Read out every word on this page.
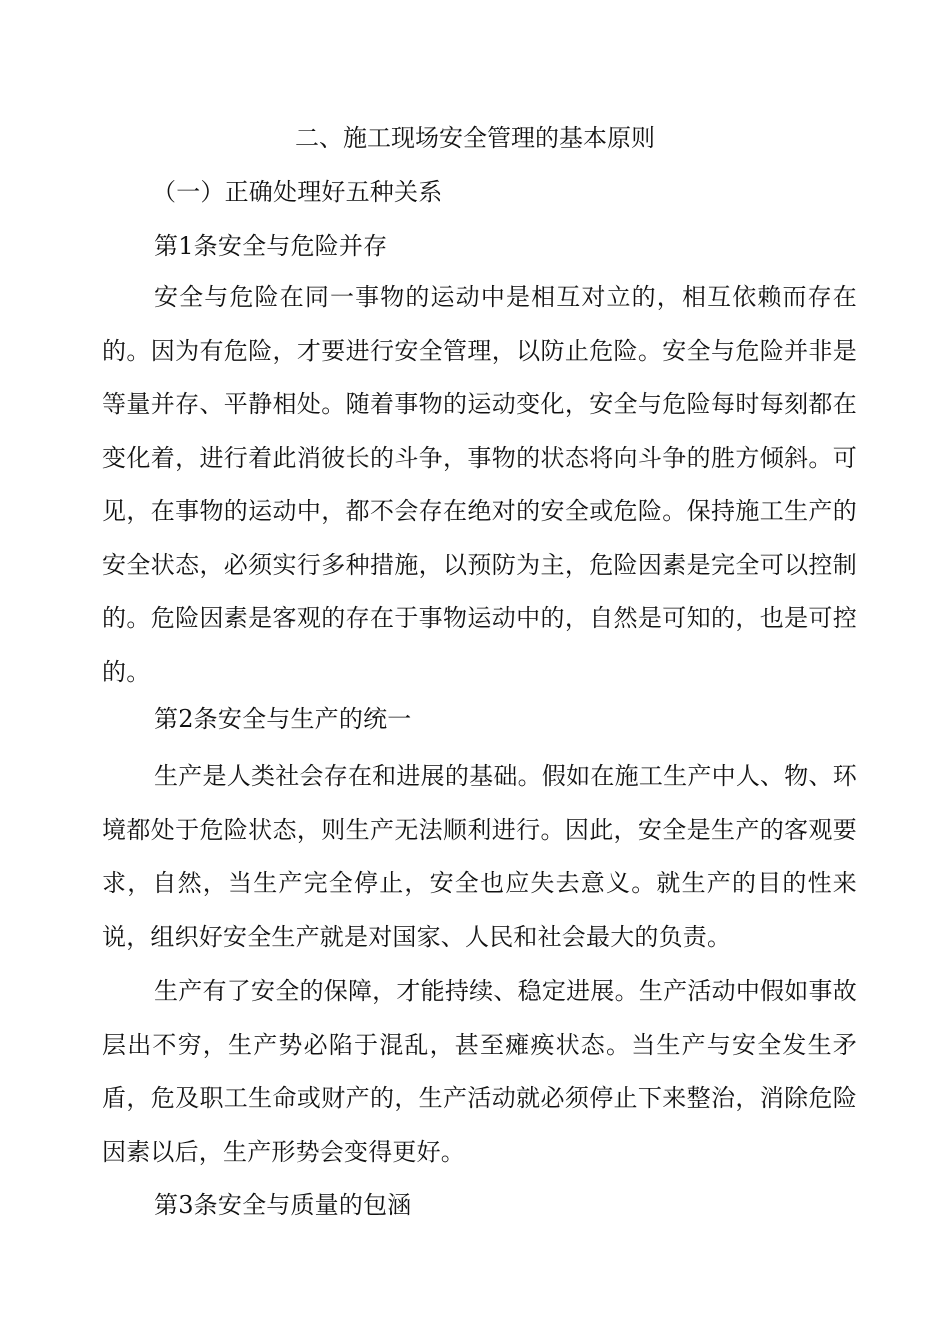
二、施工现场安全管理的基本原则
（一）正确处理好五种关系
第1条安全与危险并存
安全与危险在同一事物的运动中是相互对立的，相互依赖而存在的。因为有危险，才要进行安全管理，以防止危险。安全与危险并非是等量并存、平静相处。随着事物的运动变化，安全与危险每时每刻都在变化着，进行着此消彼长的斗争，事物的状态将向斗争的胜方倾斜。可见，在事物的运动中，都不会存在绝对的安全或危险。保持施工生产的安全状态，必须实行多种措施，以预防为主，危险因素是完全可以控制的。危险因素是客观的存在于事物运动中的，自然是可知的，也是可控的。
第2条安全与生产的统一
生产是人类社会存在和进展的基础。假如在施工生产中人、物、环境都处于危险状态，则生产无法顺利进行。因此，安全是生产的客观要求，自然，当生产完全停止，安全也应失去意义。就生产的目的性来说，组织好安全生产就是对国家、人民和社会最大的负责。
生产有了安全的保障，才能持续、稳定进展。生产活动中假如事故层出不穷，生产势必陷于混乱，甚至瘫痪状态。当生产与安全发生矛盾，危及职工生命或财产的，生产活动就必须停止下来整治，消除危险因素以后，生产形势会变得更好。
第3条安全与质量的包涵
